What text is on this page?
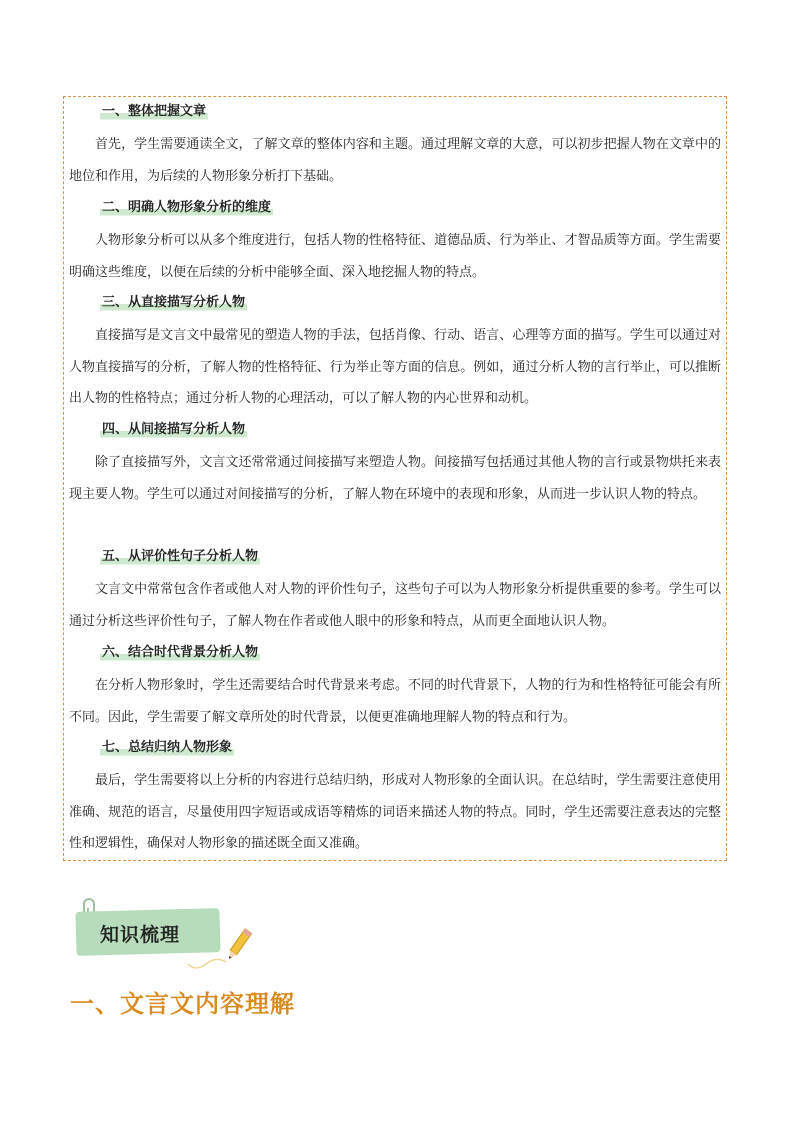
一、整体把握文章

首先，学生需要通读全文，了解文章的整体内容和主题。通过理解文章的大意，可以初步把握人物在文章中的地位和作用，为后续的人物形象分析打下基础。

二、明确人物形象分析的维度

人物形象分析可以从多个维度进行，包括人物的性格特征、道德品质、行为举止、才智品质等方面。学生需要明确这些维度，以便在后续的分析中能够全面、深入地挖掘人物的特点。

三、从直接描写分析人物

直接描写是文言文中最常见的塑造人物的手法，包括肖像、行动、语言、心理等方面的描写。学生可以通过对人物直接描写的分析，了解人物的性格特征、行为举止等方面的信息。例如，通过分析人物的言行举止，可以推断出人物的性格特点；通过分析人物的心理活动，可以了解人物的内心世界和动机。

四、从间接描写分析人物

除了直接描写外，文言文还常常通过间接描写来塑造人物。间接描写包括通过其他人物的言行或景物烘托来表现主要人物。学生可以通过对间接描写的分析，了解人物在环境中的表现和形象，从而进一步认识人物的特点。

五、从评价性句子分析人物

文言文中常常包含作者或他人对人物的评价性句子，这些句子可以为人物形象分析提供重要的参考。学生可以通过分析这些评价性句子，了解人物在作者或他人眼中的形象和特点，从而更全面地认识人物。

六、结合时代背景分析人物

在分析人物形象时，学生还需要结合时代背景来考虑。不同的时代背景下，人物的行为和性格特征可能会有所不同。因此，学生需要了解文章所处的时代背景，以便更准确地理解人物的特点和行为。

七、总结归纳人物形象

最后，学生需要将以上分析的内容进行总结归纳，形成对人物形象的全面认识。在总结时，学生需要注意使用准确、规范的语言，尽量使用四字短语或成语等精炼的词语来描述人物的特点。同时，学生还需要注意表达的完整性和逻辑性，确保对人物形象的描述既全面又准确。

知识梳理
一、文言文内容理解
